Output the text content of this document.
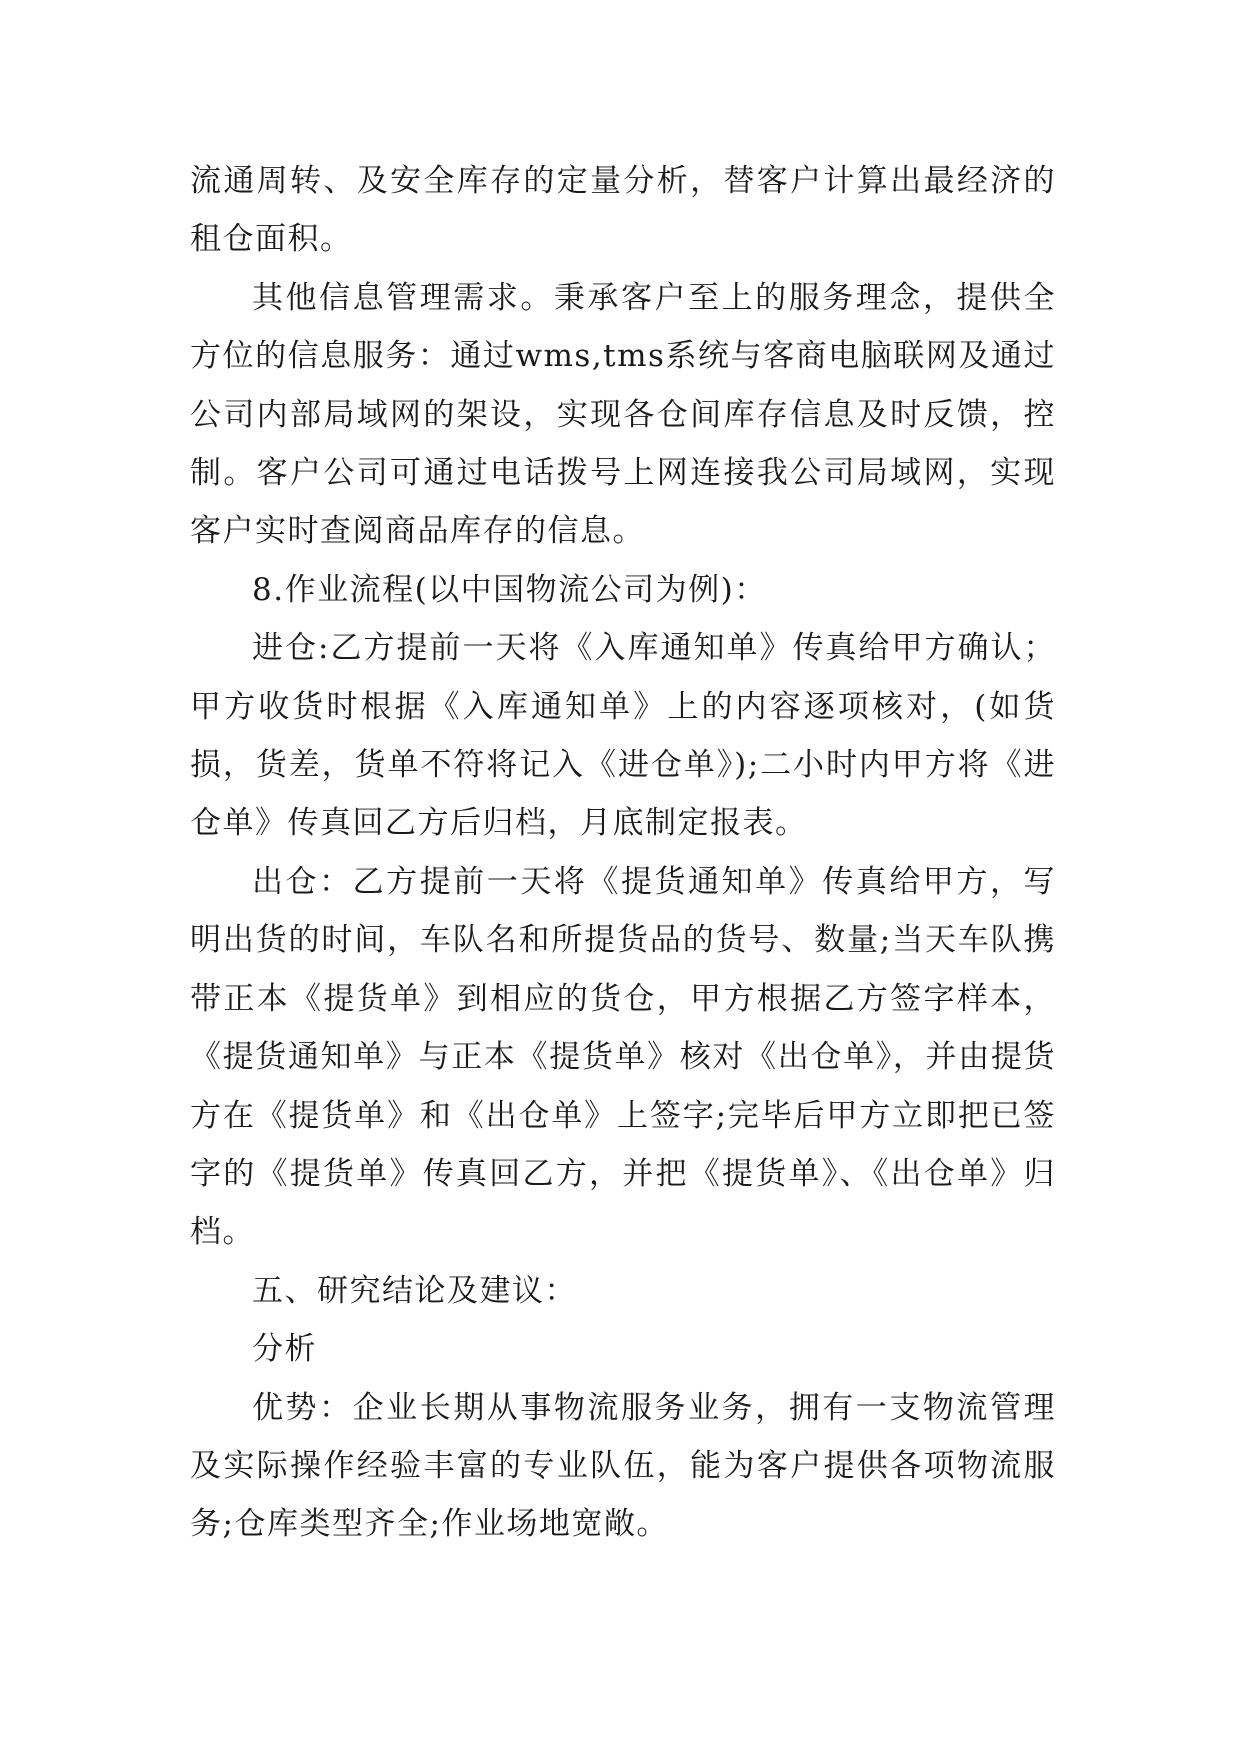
流通周转、及安全库存的定量分析，替客户计算出最经济的租仓面积。

其他信息管理需求。秉承客户至上的服务理念，提供全方位的信息服务：通过wms,tms系统与客商电脑联网及通过公司内部局域网的架设，实现各仓间库存信息及时反馈，控制。客户公司可通过电话拨号上网连接我公司局域网，实现客户实时查阅商品库存的信息。

8.作业流程(以中国物流公司为例)：

进仓:乙方提前一天将《入库通知单》传真给甲方确认；甲方收货时根据《入库通知单》上的内容逐项核对，(如货损，货差，货单不符将记入《进仓单》);二小时内甲方将《进仓单》传真回乙方后归档，月底制定报表。

出仓：乙方提前一天将《提货通知单》传真给甲方，写明出货的时间，车队名和所提货品的货号、数量;当天车队携带正本《提货单》到相应的货仓，甲方根据乙方签字样本，《提货通知单》与正本《提货单》核对《出仓单》，并由提货方在《提货单》和《出仓单》上签字;完毕后甲方立即把已签字的《提货单》传真回乙方，并把《提货单》、《出仓单》归档。

五、研究结论及建议：

分析

优势：企业长期从事物流服务业务，拥有一支物流管理及实际操作经验丰富的专业队伍，能为客户提供各项物流服务;仓库类型齐全;作业场地宽敞。
